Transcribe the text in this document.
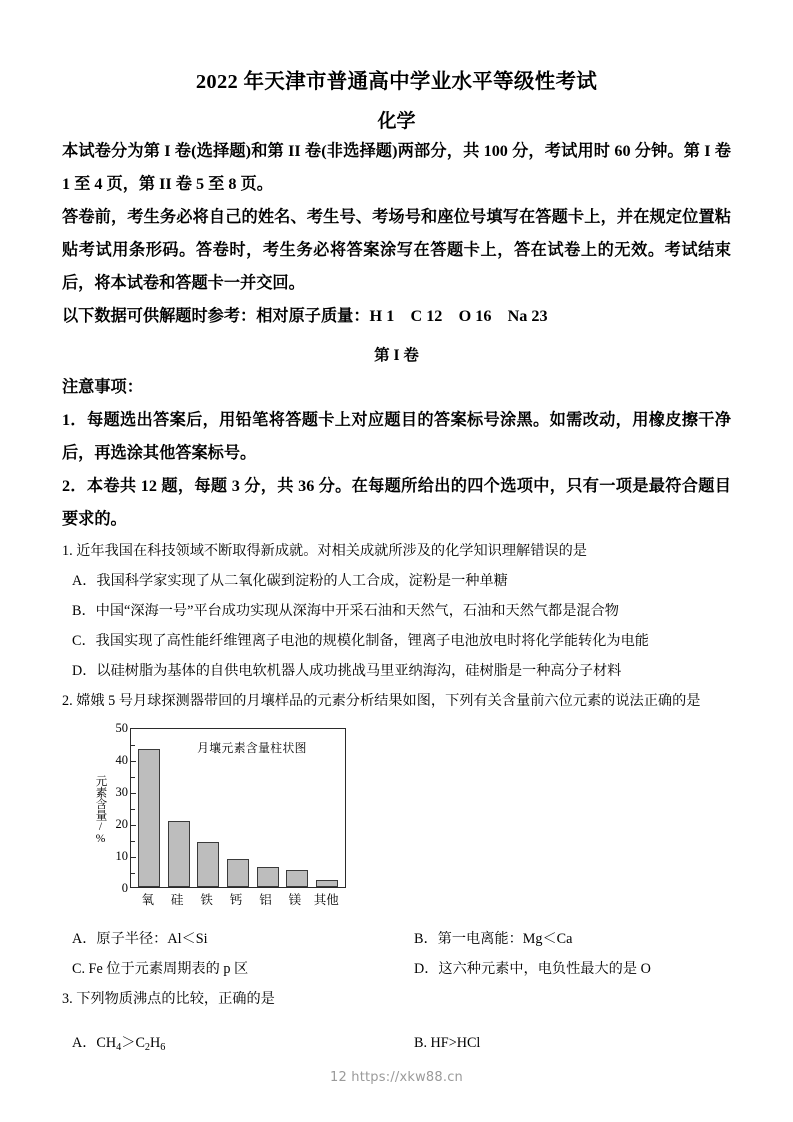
2022 年天津市普通高中学业水平等级性考试
化学

本试卷分为第 I 卷(选择题)和第 II 卷(非选择题)两部分，共 100 分，考试用时 60 分钟。第 I 卷 1 至 4 页，第 II 卷 5 至 8 页。

答卷前，考生务必将自己的姓名、考生号、考场号和座位号填写在答题卡上，并在规定位置粘贴考试用条形码。答卷时，考生务必将答案涂写在答题卡上，答在试卷上的无效。考试结束后，将本试卷和答题卡一并交回。

以下数据可供解题时参考：相对原子质量：H 1　C 12　O 16　Na 23

第 I 卷

注意事项：

1．每题选出答案后，用铅笔将答题卡上对应题目的答案标号涂黑。如需改动，用橡皮擦干净后，再选涂其他答案标号。

2．本卷共 12 题，每题 3 分，共 36 分。在每题所给出的四个选项中，只有一项是最符合题目要求的。

1. 近年我国在科技领域不断取得新成就。对相关成就所涉及的化学知识理解错误的是

A．我国科学家实现了从二氧化碳到淀粉的人工合成，淀粉是一种单糖

B．中国“深海一号”平台成功实现从深海中开采石油和天然气，石油和天然气都是混合物

C．我国实现了高性能纤维锂离子电池的规模化制备，锂离子电池放电时将化学能转化为电能

D．以硅树脂为基体的自供电软机器人成功挑战马里亚纳海沟，硅树脂是一种高分子材料

2. 嫦娥 5 号月球探测器带回的月壤样品的元素分析结果如图，下列有关含量前六位元素的说法正确的是

元素含量/%
0
10
20
30
40
50
月壤元素含量柱状图
氧	硅	铁	钙	铝	镁	其他
A．原子半径：Al＜Si	B．第一电离能：Mg＜Ca
C. Fe 位于元素周期表的 p 区	D．这六种元素中，电负性最大的是 O

3. 下列物质沸点的比较，正确的是

A．$CH_4>C_2H_6$	B. HF>HCl
12 https://xkw88.cn
